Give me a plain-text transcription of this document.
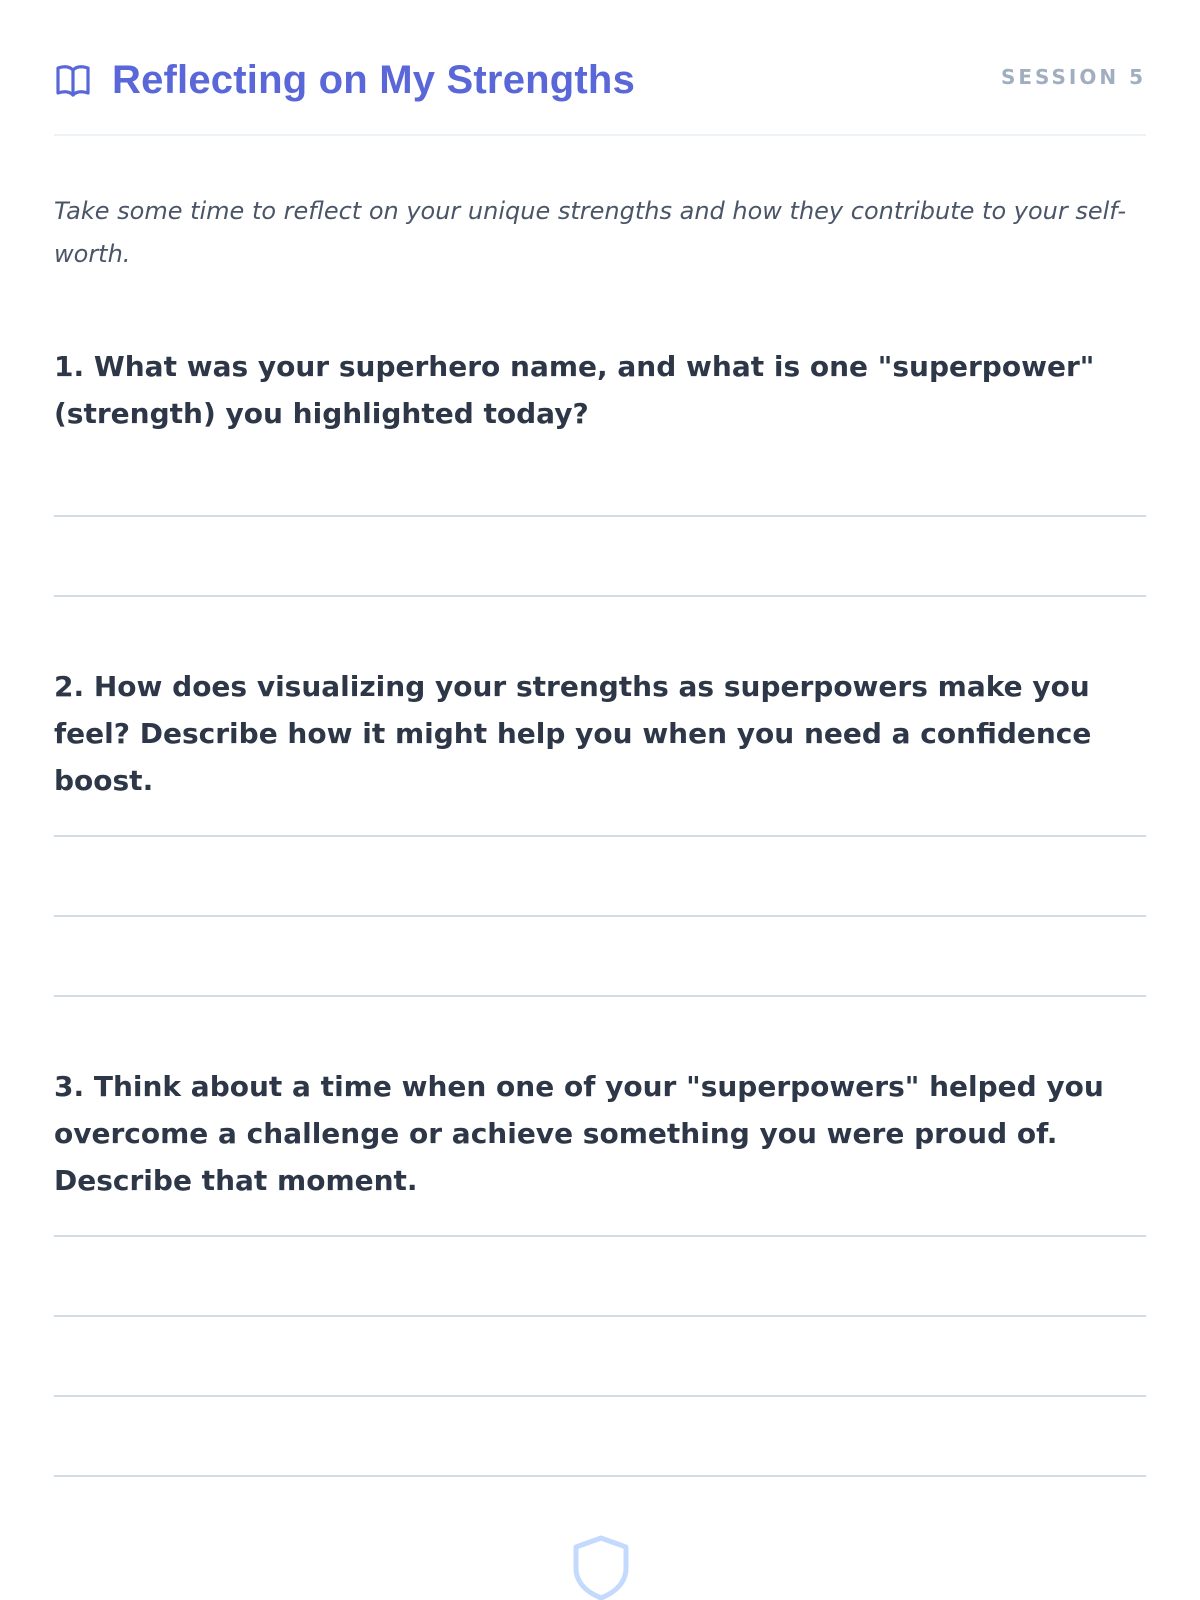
Reflecting on My Strengths	SESSION 5
Take some time to reflect on your unique strengths and how they contribute to your self-worth.
1. What was your superhero name, and what is one "superpower" (strength) you highlighted today?
2. How does visualizing your strengths as superpowers make you feel? Describe how it might help you when you need a confidence boost.
3. Think about a time when one of your "superpowers" helped you overcome a challenge or achieve something you were proud of. Describe that moment.
